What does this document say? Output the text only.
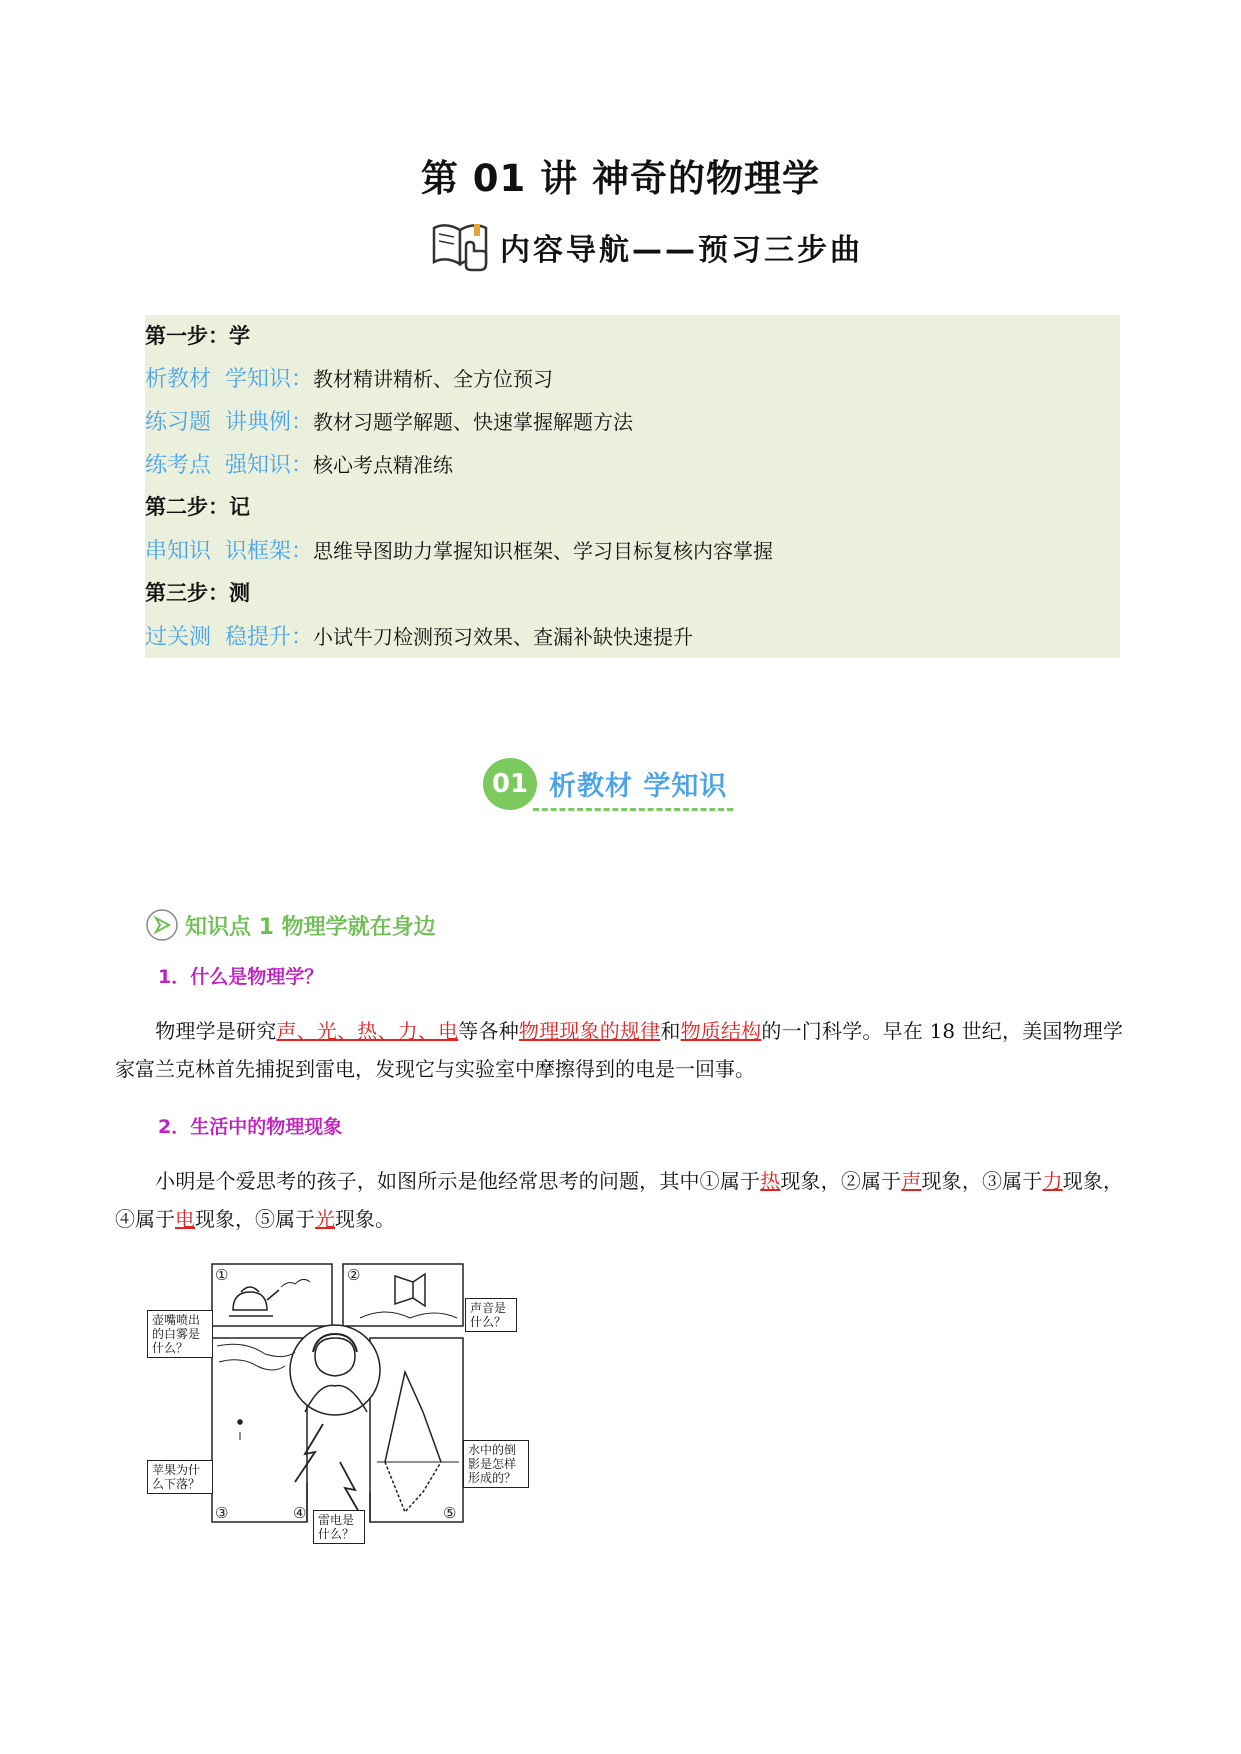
第 01 讲 神奇的物理学
内容导航——预习三步曲
第一步：学
析教材  学知识： 教材精讲精析、全方位预习
练习题  讲典例： 教材习题学解题、快速掌握解题方法
练考点  强知识： 核心考点精准练
第二步：记
串知识  识框架： 思维导图助力掌握知识框架、学习目标复核内容掌握
第三步：测
过关测  稳提升： 小试牛刀检测预习效果、查漏补缺快速提升
01 析教材 学知识
知识点 1 物理学就在身边
1．什么是物理学？
物理学是研究声、光、热、力、电等各种物理现象的规律和物质结构的一门科学。早在 18 世纪，美国物理学家富兰克林首先捕捉到雷电，发现它与实验室中摩擦得到的电是一回事。
2．生活中的物理现象
小明是个爱思考的孩子，如图所示是他经常思考的问题，其中①属于热现象，②属于声现象，③属于力现象，④属于电现象，⑤属于光现象。
①	②
③	④	⑤
壶嘴喷出的白雾是什么？
声音是什么？
苹果为什么下落？
雷电是什么？
水中的倒影是怎样形成的？
